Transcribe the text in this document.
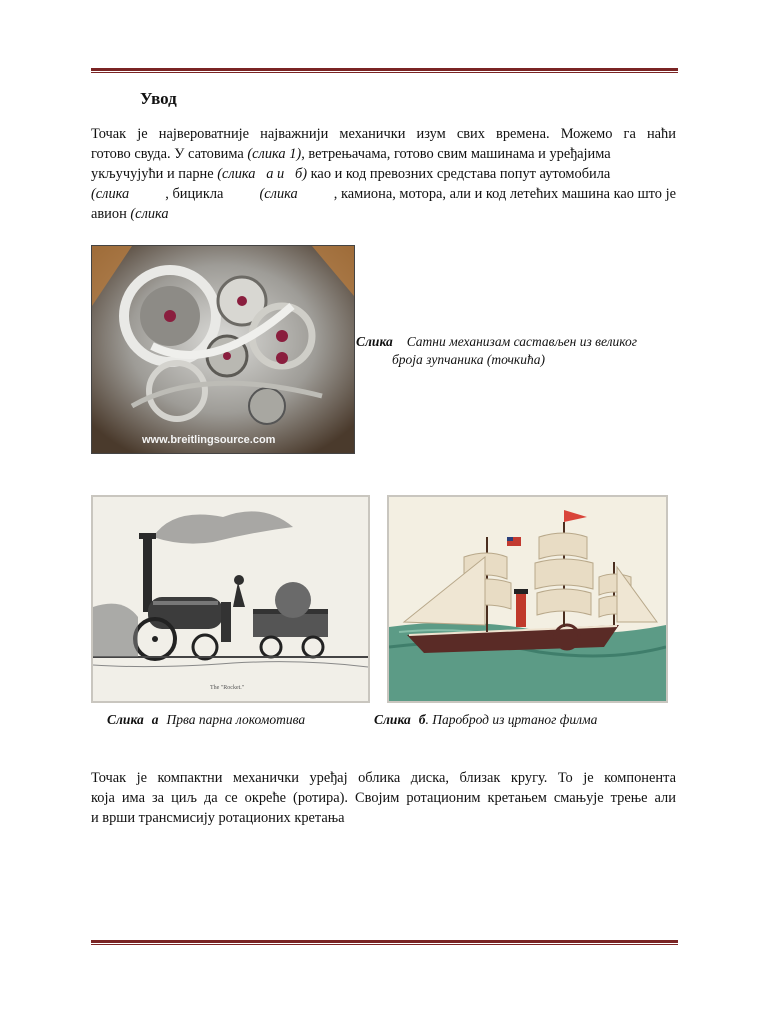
Увод
Точак је највероватније најважнији механички изум свих времена. Можемо га наћи
готово свуда. У сатовима (слика 1) , ветрењачама, готово свим машинама и уређајима
укључујући и парне (слика   а и   б) као и код превозних средстава попут аутомобила
(слика	, бицикла	(слика	, камиона, мотора, али и код летећих машина као што је
авион (слика
www.breitlingsource.com
Слика Сатни механизам састављен из великог
броја зупчаника (точкића)
The "Rocket."
Слика а Прва парна локомотива	Слика б. Пароброд из цртаног филма
Точак је компактни механички уређај облика диска, близак кругу. То је компонента
која има за циљ да се окреће (ротира). Својим ротационим кретањем смањује трење али
и врши трансмисију ротационих кретања
